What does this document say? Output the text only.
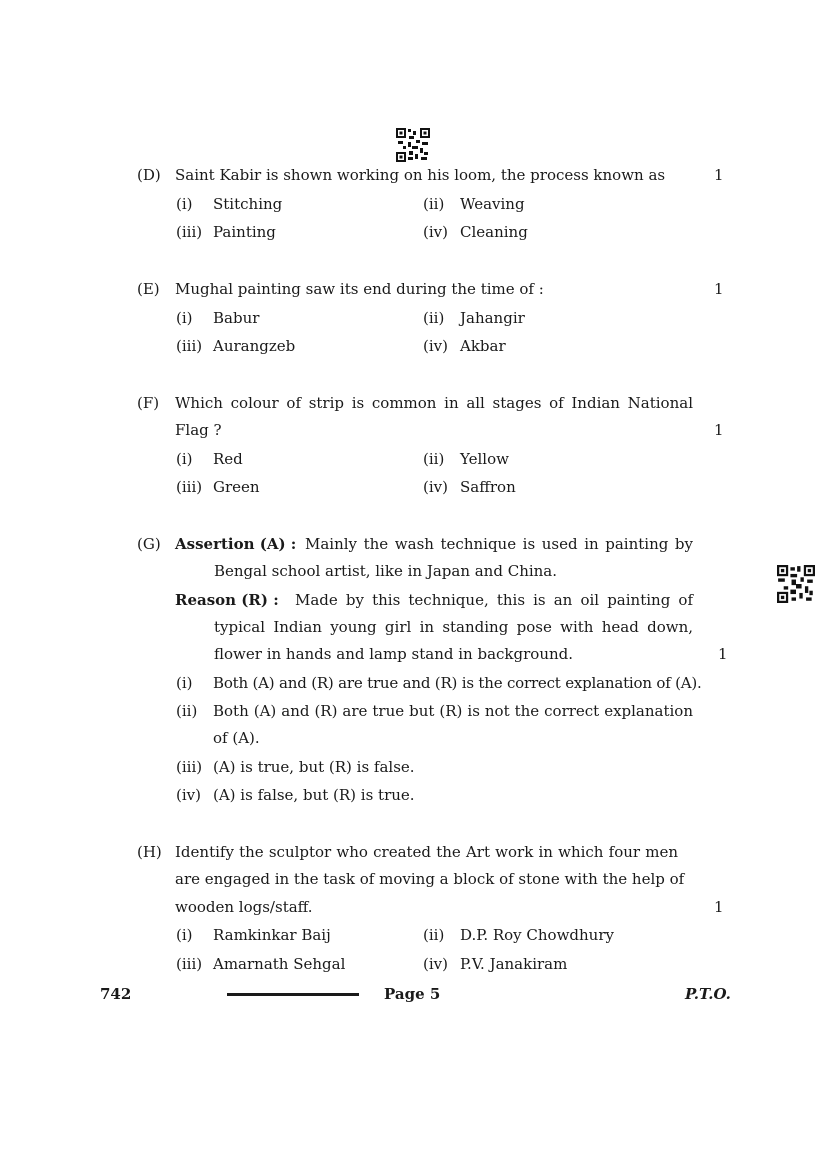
(D) Saint Kabir is shown working on his loom, the process known as	1
(i) Stitching	(ii) Weaving
(iii) Painting	(iv) Cleaning
(E) Mughal painting saw its end during the time of :	1
(i) Babur	(ii) Jahangir
(iii) Aurangzeb	(iv) Akbar
(F) Which colour of strip is common in all stages of Indian National
Flag ?	1
(i) Red	(ii) Yellow
(iii) Green	(iv) Saffron
(G) Assertion (A) : Mainly the wash technique is used in painting by
Bengal school artist, like in Japan and China.
Reason (R) : Made by this technique, this is an oil painting of
typical Indian young girl in standing pose with head down,
flower in hands and lamp stand in background.	1
(i) Both (A) and (R) are true and (R) is the correct explanation of (A).
(ii) Both (A) and (R) are true but (R) is not the correct explanation
of (A).
(iii) (A) is true, but (R) is false.
(iv) (A) is false, but (R) is true.
(H) Identify the sculptor who created the Art work in which four men
are engaged in the task of moving a block of stone with the help of
wooden logs/staff.	1
(i) Ramkinkar Baij	(ii) D.P. Roy Chowdhury
(iii) Amarnath Sehgal	(iv) P.V. Janakiram
742	Page 5	P.T.O.
